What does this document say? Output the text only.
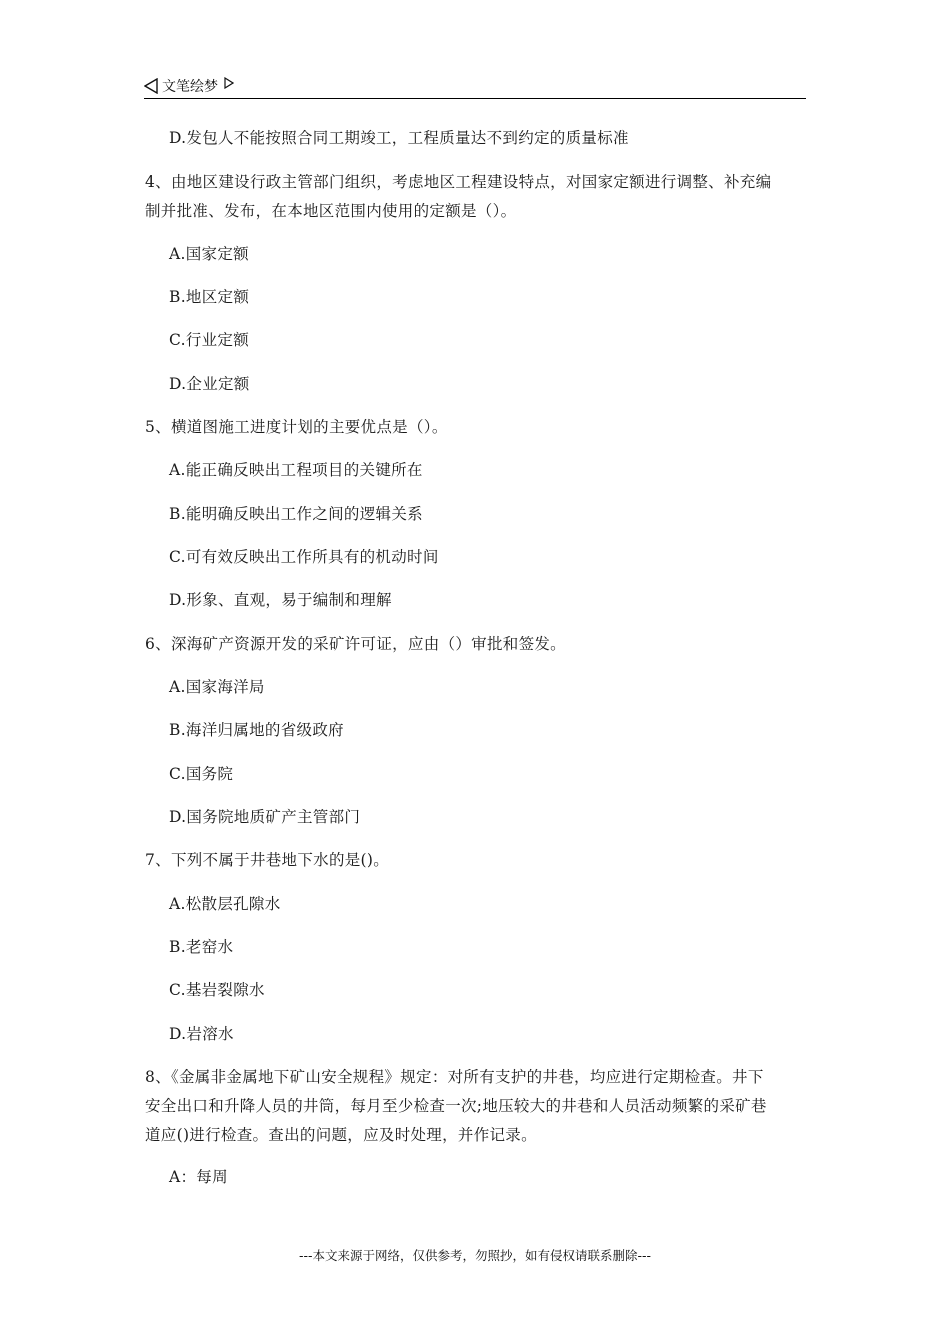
文笔绘梦
D.发包人不能按照合同工期竣工，工程质量达不到约定的质量标准
4、由地区建设行政主管部门组织，考虑地区工程建设特点，对国家定额进行调整、补充编
制并批准、发布，在本地区范围内使用的定额是（）。
A.国家定额
B.地区定额
C.行业定额
D.企业定额
5、横道图施工进度计划的主要优点是（）。
A.能正确反映出工程项目的关键所在
B.能明确反映出工作之间的逻辑关系
C.可有效反映出工作所具有的机动时间
D.形象、直观，易于编制和理解
6、深海矿产资源开发的采矿许可证，应由（）审批和签发。
A.国家海洋局
B.海洋归属地的省级政府
C.国务院
D.国务院地质矿产主管部门
7、下列不属于井巷地下水的是()。
A.松散层孔隙水
B.老窑水
C.基岩裂隙水
D.岩溶水
8、《金属非金属地下矿山安全规程》规定：对所有支护的井巷，均应进行定期检查。井下
安全出口和升降人员的井筒，每月至少检查一次;地压较大的井巷和人员活动频繁的采矿巷
道应()进行检查。查出的问题，应及时处理，并作记录。
A：每周
---本文来源于网络，仅供参考，勿照抄，如有侵权请联系删除---
